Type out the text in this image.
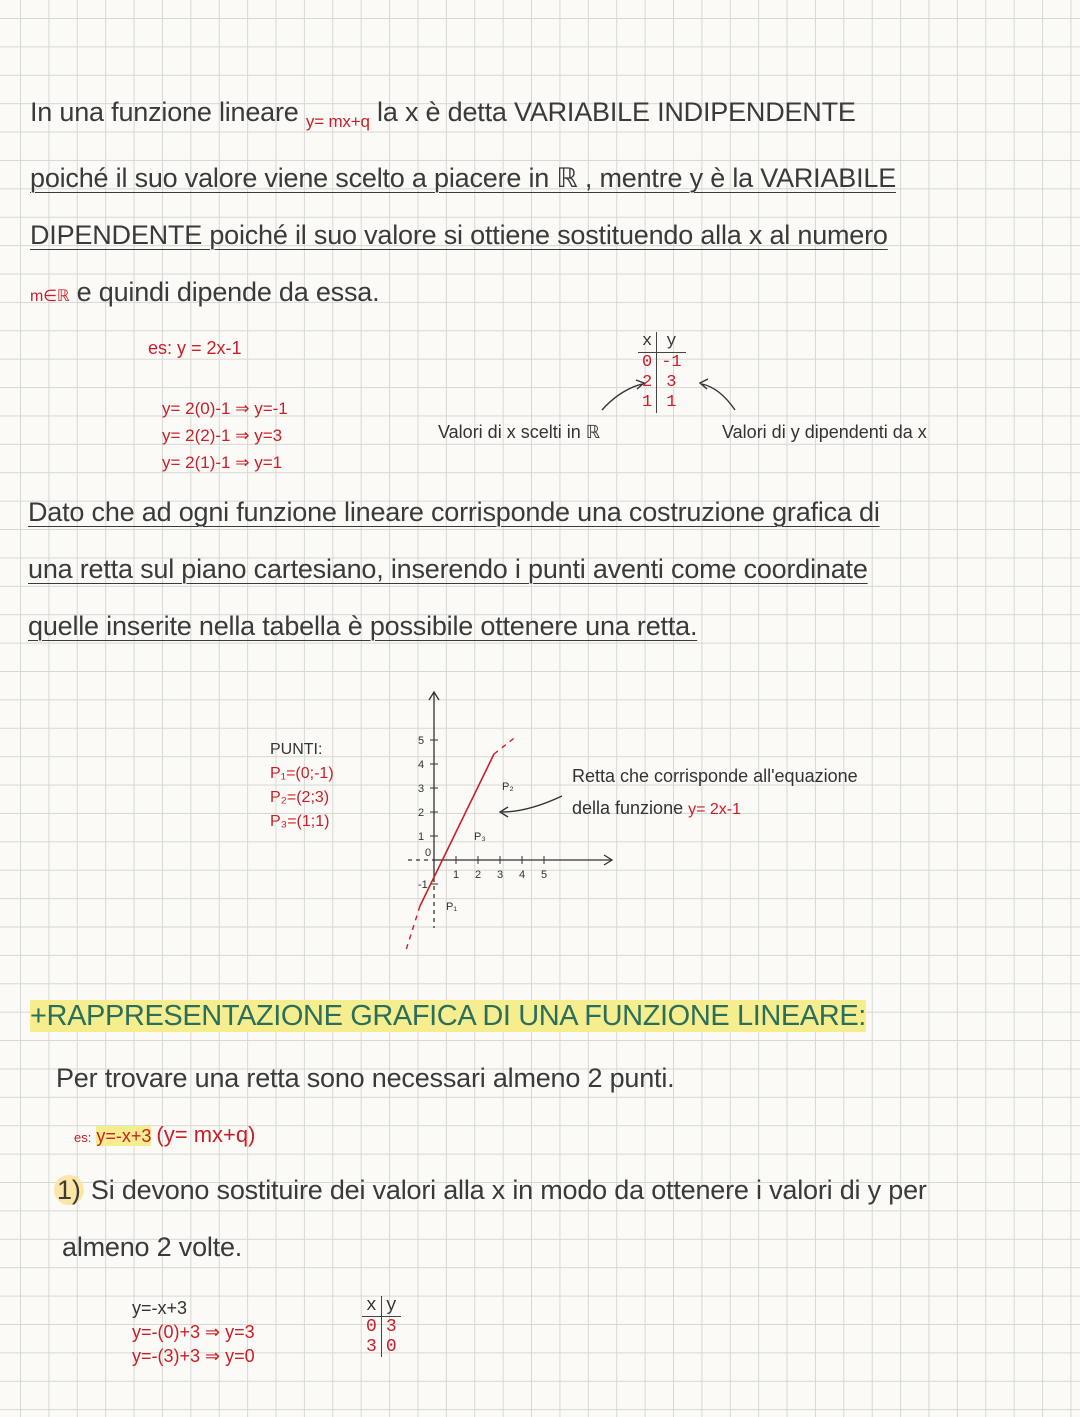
In una funzione lineare $_{y= mx+q}$ la x è detta VARIABILE INDIPENDENTE
poiché il suo valore viene scelto a piacere in ℝ , mentre y è la VARIABILE
DIPENDENTE poiché il suo valore si ottiene sostituendo alla x al numero
m∈ℝ e quindi dipende da essa.
es: y = 2x-1
y= 2(0)-1 ⇒ y=-1
y= 2(2)-1 ⇒ y=3
y= 2(1)-1 ⇒ y=1
Valori di x scelti in ℝ	Valori di y dipendenti da x
x	y
0	-1
2	3
1	1
Dato che ad ogni funzione lineare corrisponde una costruzione grafica di
una retta sul piano cartesiano, inserendo i punti aventi come coordinate
quelle inserite nella tabella è possibile ottenere una retta.
PUNTI:
P₁=(0;-1)
P₂=(2;3)
P₃=(1;1)
5
4
3
2
1
0
-1
1 2 3 4 5
P₁
P₂
P₃
Retta che corrisponde all'equazione
della funzione y= 2x-1
+RAPPRESENTAZIONE GRAFICA DI UNA FUNZIONE LINEARE:
Per trovare una retta sono necessari almeno 2 punti.
es: y=-x+3 (y= mx+q)
1) Si devono sostituire dei valori alla x in modo da ottenere i valori di y per
almeno 2 volte.
y=-x+3
y=-(0)+3 ⇒ y=3
y=-(3)+3 ⇒ y=0
x	y
0	3
3	0
